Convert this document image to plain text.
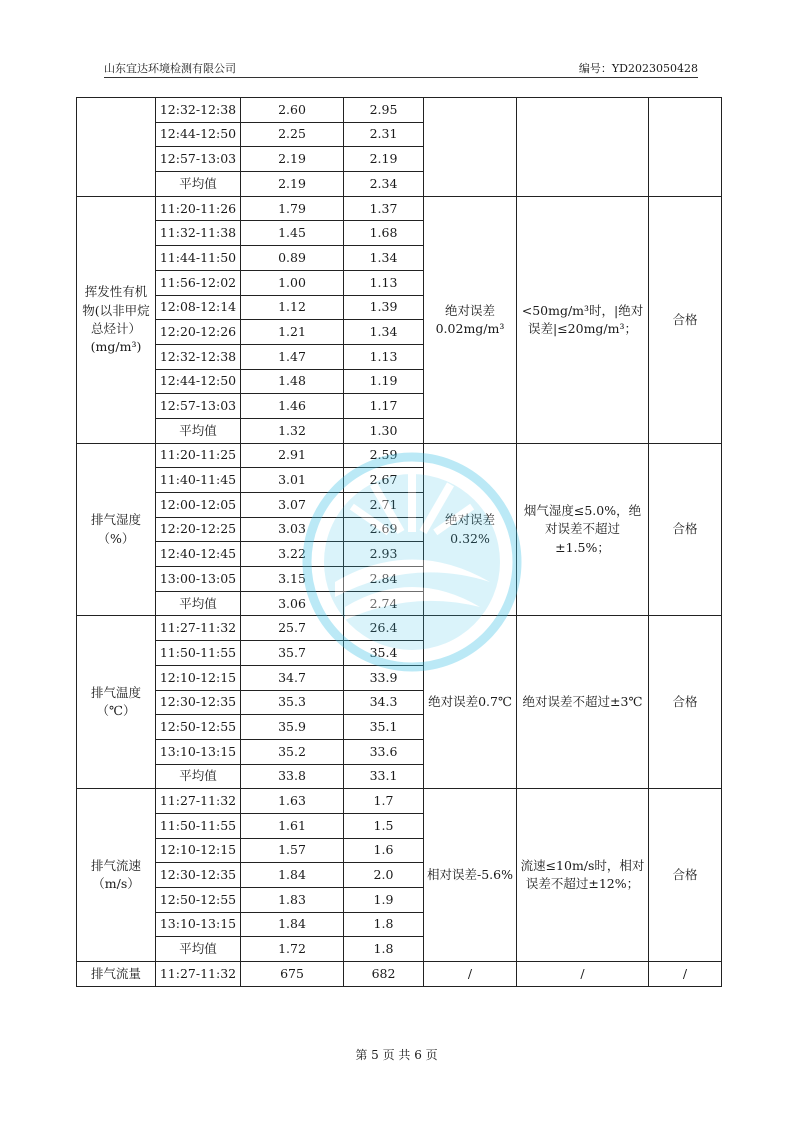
山东宜达环境检测有限公司	编号：YD2023050428
	12:32-12:38	2.60	2.95			
	12:44-12:50	2.25	2.31			
	12:57-13:03	2.19	2.19			
	平均值	2.19	2.34			
挥发性有机物(以非甲烷总烃计）(mg/m³)	11:20-11:26	1.79	1.37	绝对误差0.02mg/m³	<50mg/m³时，|绝对误差|≤20mg/m³；	合格
	11:32-11:38	1.45	1.68			
	11:44-11:50	0.89	1.34			
	11:56-12:02	1.00	1.13			
	12:08-12:14	1.12	1.39			
	12:20-12:26	1.21	1.34			
	12:32-12:38	1.47	1.13			
	12:44-12:50	1.48	1.19			
	12:57-13:03	1.46	1.17			
	平均值	1.32	1.30			
排气湿度（%）	11:20-11:25	2.91	2.59	绝对误差0.32%	烟气湿度≤5.0%，绝对误差不超过±1.5%；	合格
	11:40-11:45	3.01	2.67			
	12:00-12:05	3.07	2.71			
	12:20-12:25	3.03	2.69			
	12:40-12:45	3.22	2.93			
	13:00-13:05	3.15	2.84			
	平均值	3.06	2.74			
排气温度（℃）	11:27-11:32	25.7	26.4	绝对误差0.7℃	绝对误差不超过±3℃	合格
	11:50-11:55	35.7	35.4			
	12:10-12:15	34.7	33.9			
	12:30-12:35	35.3	34.3			
	12:50-12:55	35.9	35.1			
	13:10-13:15	35.2	33.6			
	平均值	33.8	33.1			
排气流速（m/s）	11:27-11:32	1.63	1.7	相对误差-5.6%	流速≤10m/s时，相对误差不超过±12%；	合格
	11:50-11:55	1.61	1.5			
	12:10-12:15	1.57	1.6			
	12:30-12:35	1.84	2.0			
	12:50-12:55	1.83	1.9			
	13:10-13:15	1.84	1.8			
	平均值	1.72	1.8			
排气流量	11:27-11:32	675	682	/	/	/
第 5 页 共 6 页
